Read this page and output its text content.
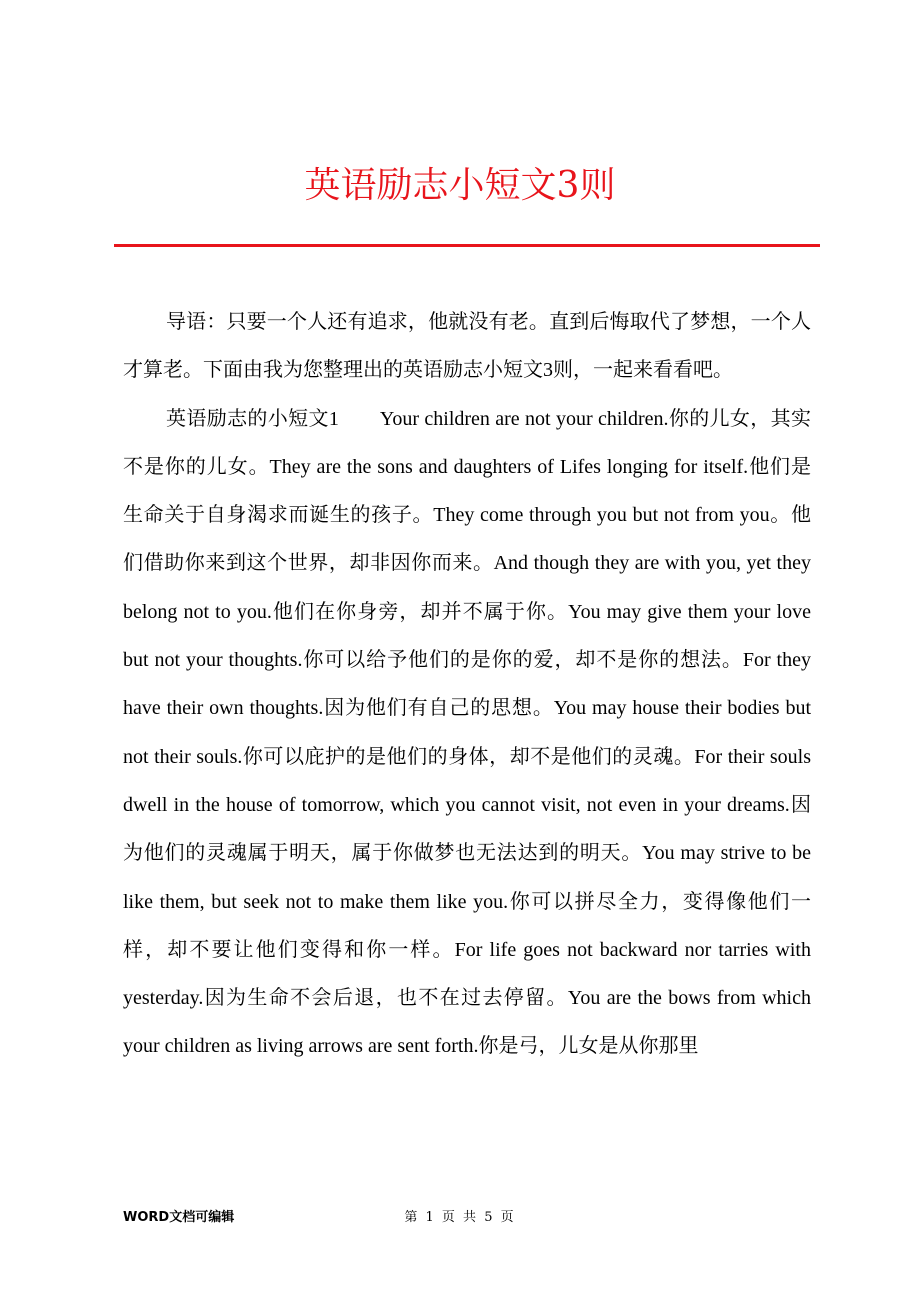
英语励志小短文3则

导语：只要一个人还有追求，他就没有老。直到后悔取代了梦想，一个人才算老。下面由我为您整理出的英语励志小短文3则，一起来看看吧。

英语励志的小短文1　　Your children are not your children.你的儿女，其实不是你的儿女。They are the sons and daughters of Lifes longing for itself.他们是生命关于自身渴求而诞生的孩子。They come through you but not from you。他们借助你来到这个世界，却非因你而来。And though they are with you, yet they belong not to you.他们在你身旁，却并不属于你。You may give them your love but not your thoughts.你可以给予他们的是你的爱，却不是你的想法。For they have their own thoughts.因为他们有自己的思想。You may house their bodies but not their souls.你可以庇护的是他们的身体，却不是他们的灵魂。For their souls dwell in the house of tomorrow, which you cannot visit, not even in your dreams.因为他们的灵魂属于明天，属于你做梦也无法达到的明天。You may strive to be like them, but seek not to make them like you.你可以拼尽全力，变得像他们一样，却不要让他们变得和你一样。For life goes not backward nor tarries with yesterday.因为生命不会后退，也不在过去停留。You are the bows from which your children as living arrows are sent forth.你是弓，儿女是从你那里

WORD文档可编辑	第 1 页 共 5 页
